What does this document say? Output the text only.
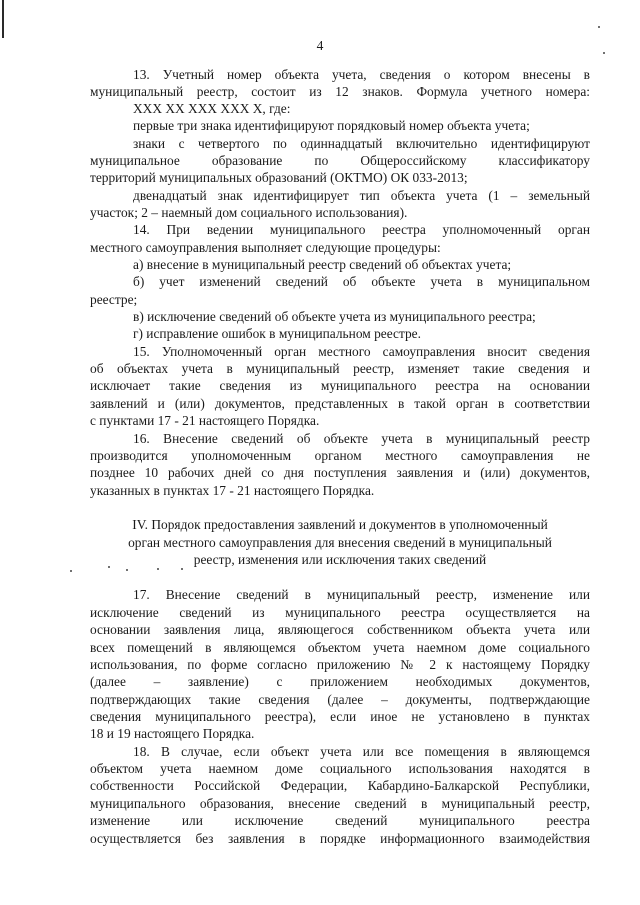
4
13. Учетный номер объекта учета, сведения о котором внесены в
муниципальный реестр, состоит из 12 знаков. Формула учетного номера:
XXX XX XXX XXX X, где:
первые три знака идентифицируют порядковый номер объекта учета;
знаки с четвертого по одиннадцатый включительно идентифицируют
муниципальное образование по Общероссийскому классификатору
территорий муниципальных образований (ОКТМО) ОК 033-2013;
двенадцатый знак идентифицирует тип объекта учета (1 – земельный
участок; 2 – наемный дом социального использования).
14. При ведении муниципального реестра уполномоченный орган
местного самоуправления выполняет следующие процедуры:
а) внесение в муниципальный реестр сведений об объектах учета;
б) учет изменений сведений об объекте учета в муниципальном
реестре;
в) исключение сведений об объекте учета из муниципального реестра;
г) исправление ошибок в муниципальном реестре.
15. Уполномоченный орган местного самоуправления вносит сведения
об объектах учета в муниципальный реестр, изменяет такие сведения и
исключает такие сведения из муниципального реестра на основании
заявлений и (или) документов, представленных в такой орган в соответствии
с пунктами 17 - 21 настоящего Порядка.
16. Внесение сведений об объекте учета в муниципальный реестр
производится уполномоченным органом местного самоуправления не
позднее 10 рабочих дней со дня поступления заявления и (или) документов,
указанных в пунктах 17 - 21 настоящего Порядка.
IV. Порядок предоставления заявлений и документов в уполномоченный
орган местного самоуправления для внесения сведений в муниципальный
реестр, изменения или исключения таких сведений
17. Внесение сведений в муниципальный реестр, изменение или
исключение сведений из муниципального реестра осуществляется на
основании заявления лица, являющегося собственником объекта учета или
всех помещений в являющемся объектом учета наемном доме социального
использования, по форме согласно приложению № 2 к настоящему Порядку
(далее – заявление) с приложением необходимых документов,
подтверждающих такие сведения (далее – документы, подтверждающие
сведения муниципального реестра), если иное не установлено в пунктах
18 и 19 настоящего Порядка.
18. В случае, если объект учета или все помещения в являющемся
объектом учета наемном доме социального использования находятся в
собственности Российской Федерации, Кабардино-Балкарской Республики,
муниципального образования, внесение сведений в муниципальный реестр,
изменение или исключение сведений муниципального реестра
осуществляется без заявления в порядке информационного взаимодействия
